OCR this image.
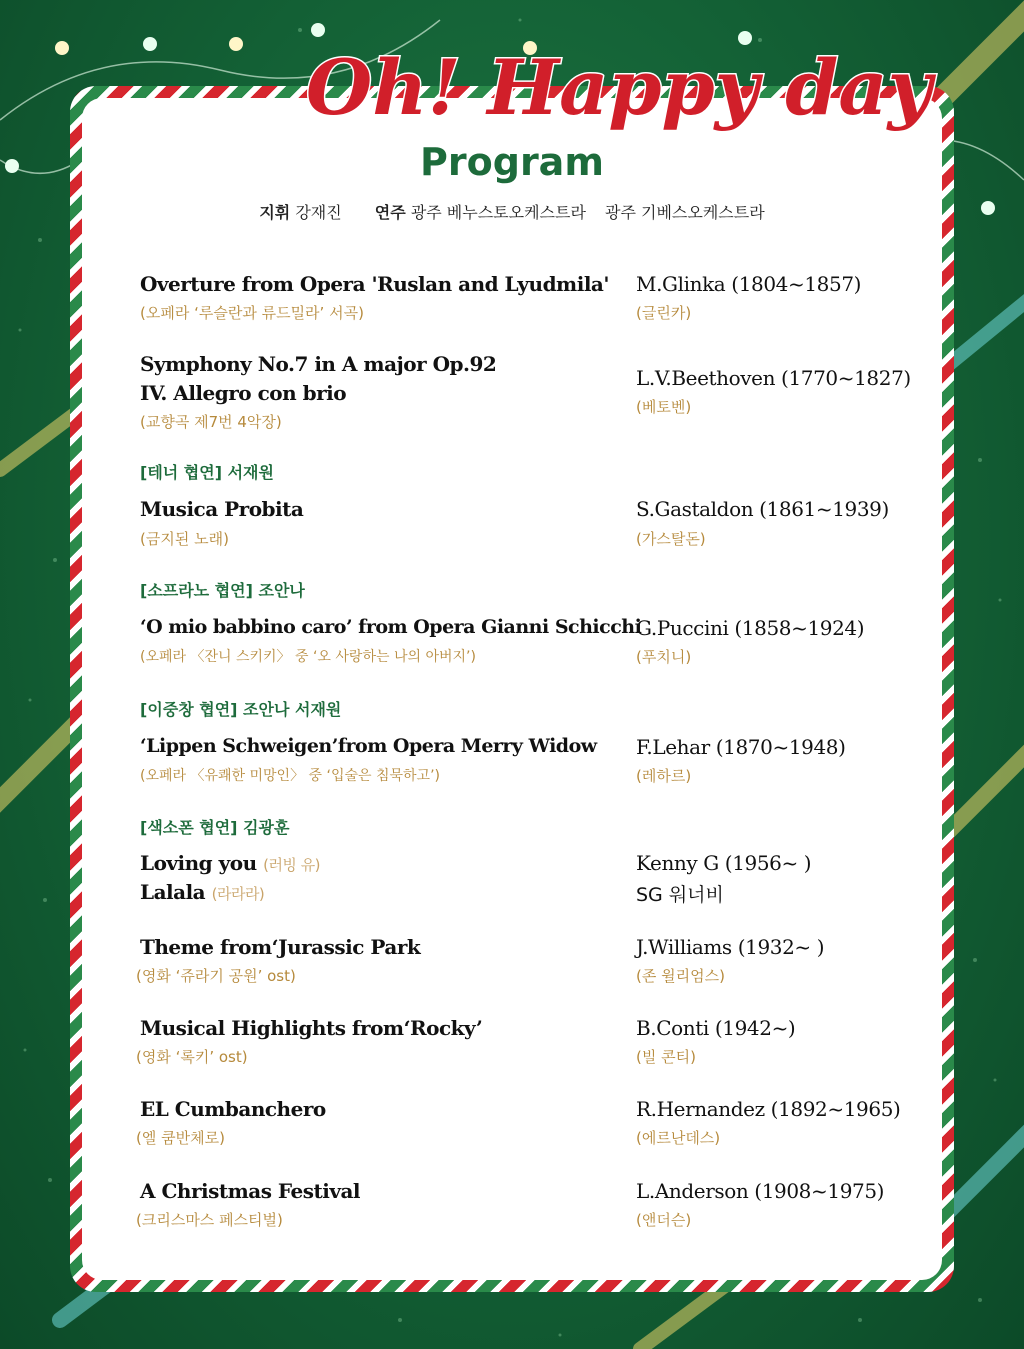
Oh! Happy day
Program
지휘 강재진 연주 광주 베누스토오케스트라 광주 기베스오케스트라
Overture from Opera 'Ruslan and Lyudmila'
(오페라 ‘루슬란과 류드밀라’ 서곡)
M.Glinka (1804~1857)
(글린카)
Symphony No.7 in A major Op.92
IV. Allegro con brio
(교향곡 제7번 4악장)
L.V.Beethoven (1770~1827)
(베토벤)
[테너 협연] 서재원
Musica Probita
(금지된 노래)
S.Gastaldon (1861~1939)
(가스탈돈)
[소프라노 협연] 조안나
‘O mio babbino caro’ from Opera Gianni Schicchi
(오페라 〈잔니 스키키〉 중 ‘오 사랑하는 나의 아버지’)
G.Puccini (1858~1924)
(푸치니)
[이중창 협연] 조안나 서재원
‘Lippen Schweigen’from Opera Merry Widow
(오페라 〈유쾌한 미망인〉 중 ‘입술은 침묵하고’)
F.Lehar (1870~1948)
(레하르)
[색소폰 협연] 김광훈
Loving you (러빙 유)
Lalala (라라라)
Kenny G (1956~ )
SG 워너비
Theme from‘Jurassic Park
(영화 ‘쥬라기 공원’ ost)
J.Williams (1932~ )
(존 윌리엄스)
Musical Highlights from‘Rocky’
(영화 ‘록키’ ost)
B.Conti (1942~)
(빌 콘티)
EL Cumbanchero
(엘 쿰반체로)
R.Hernandez (1892~1965)
(에르난데스)
A Christmas Festival
(크리스마스 페스티벌)
L.Anderson (1908~1975)
(앤더슨)
